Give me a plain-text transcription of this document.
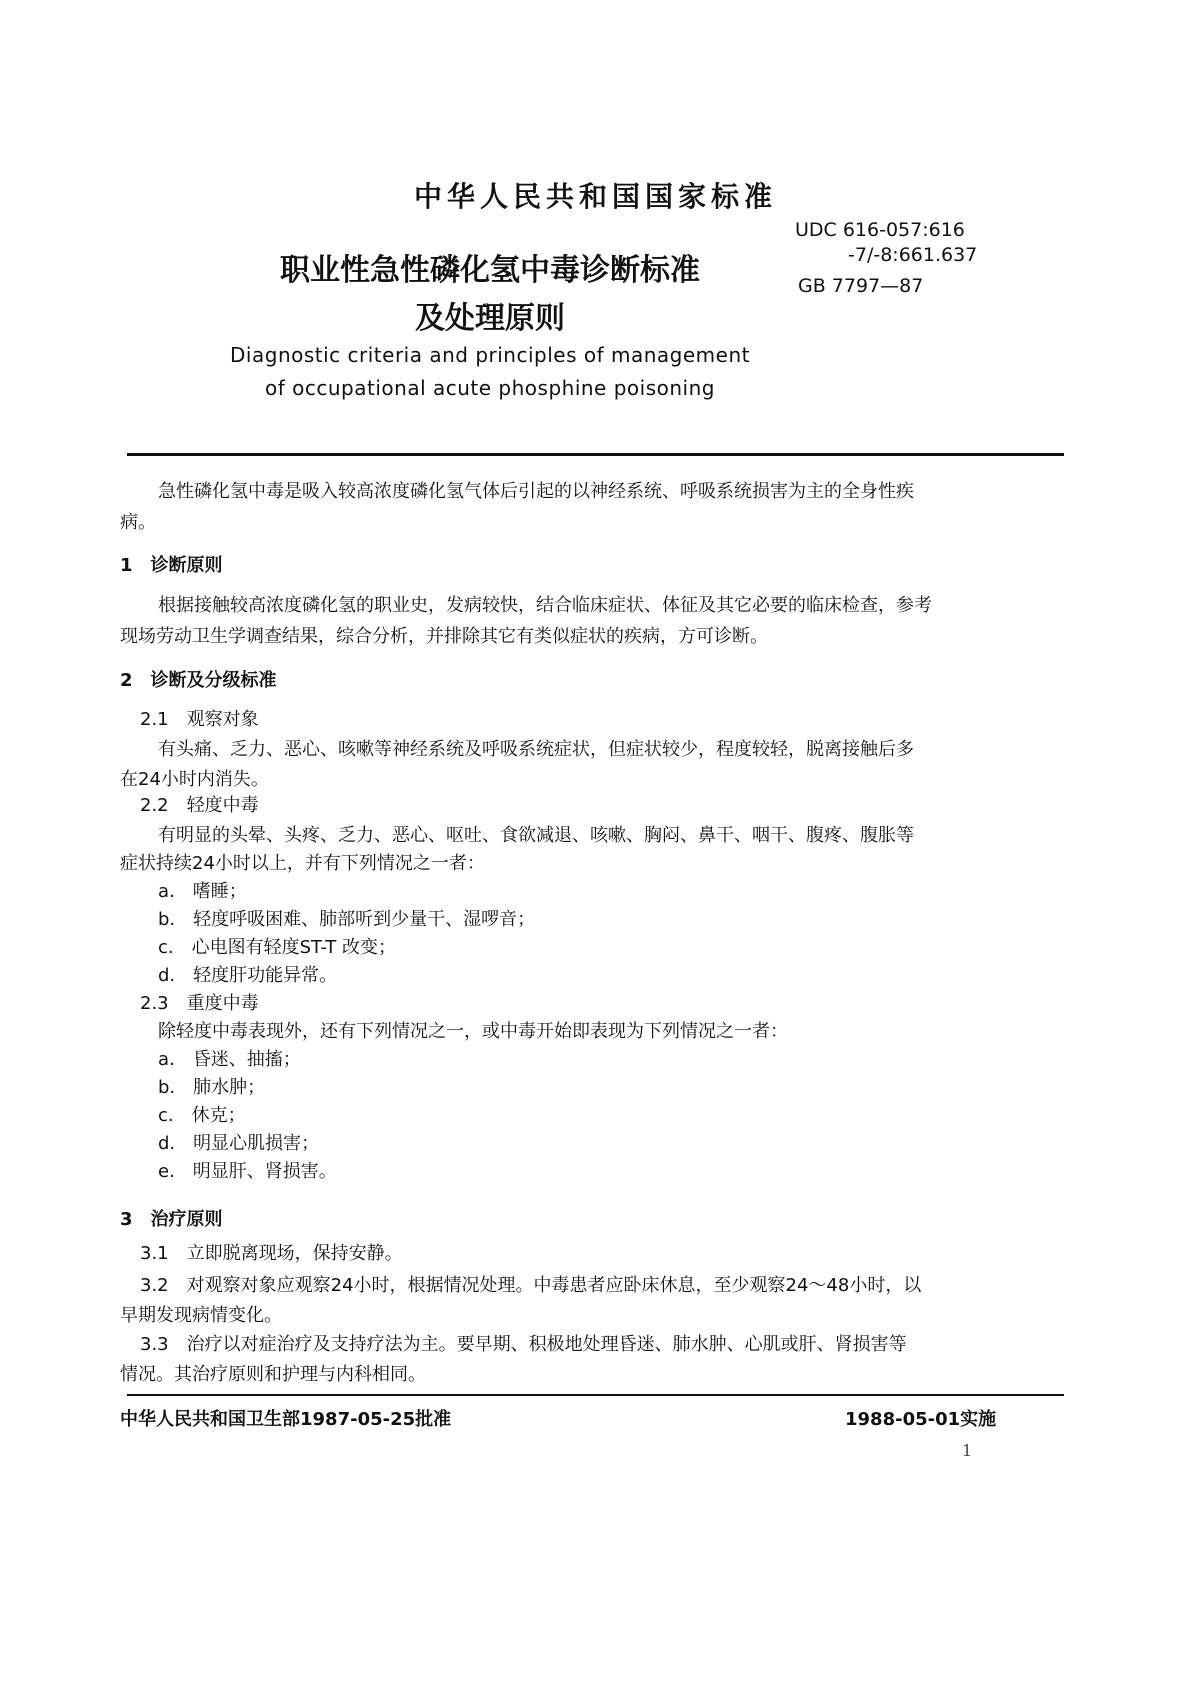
中华人民共和国国家标准
职业性急性磷化氢中毒诊断标准
及处理原则
Diagnostic criteria and principles of management
of occupational acute phosphine poisoning
UDC 616-057:616
-7/-8:661.637
GB 7797—87
急性磷化氢中毒是吸入较高浓度磷化氢气体后引起的以神经系统、呼吸系统损害为主的全身性疾
病。
1　诊断原则
根据接触较高浓度磷化氢的职业史，发病较快，结合临床症状、体征及其它必要的临床检查，参考
现场劳动卫生学调查结果，综合分析，并排除其它有类似症状的疾病，方可诊断。
2　诊断及分级标准
2.1　观察对象
有头痛、乏力、恶心、咳嗽等神经系统及呼吸系统症状，但症状较少，程度较轻，脱离接触后多
在24小时内消失。
2.2　轻度中毒
有明显的头晕、头疼、乏力、恶心、呕吐、食欲减退、咳嗽、胸闷、鼻干、咽干、腹疼、腹胀等
症状持续24小时以上，并有下列情况之一者：
a.　嗜睡；
b.　轻度呼吸困难、肺部听到少量干、湿啰音；
c.　心电图有轻度ST-T 改变；
d.　轻度肝功能异常。
2.3　重度中毒
除轻度中毒表现外，还有下列情况之一，或中毒开始即表现为下列情况之一者：
a.　昏迷、抽搐；
b.　肺水肿；
c.　休克；
d.　明显心肌损害；
e.　明显肝、肾损害。
3　治疗原则
3.1　立即脱离现场，保持安静。
3.2　对观察对象应观察24小时，根据情况处理。中毒患者应卧床休息，至少观察24～48小时，以
早期发现病情变化。
3.3　治疗以对症治疗及支持疗法为主。要早期、积极地处理昏迷、肺水肿、心肌或肝、肾损害等
情况。其治疗原则和护理与内科相同。
中华人民共和国卫生部1987-05-25批准	1988-05-01实施
1
